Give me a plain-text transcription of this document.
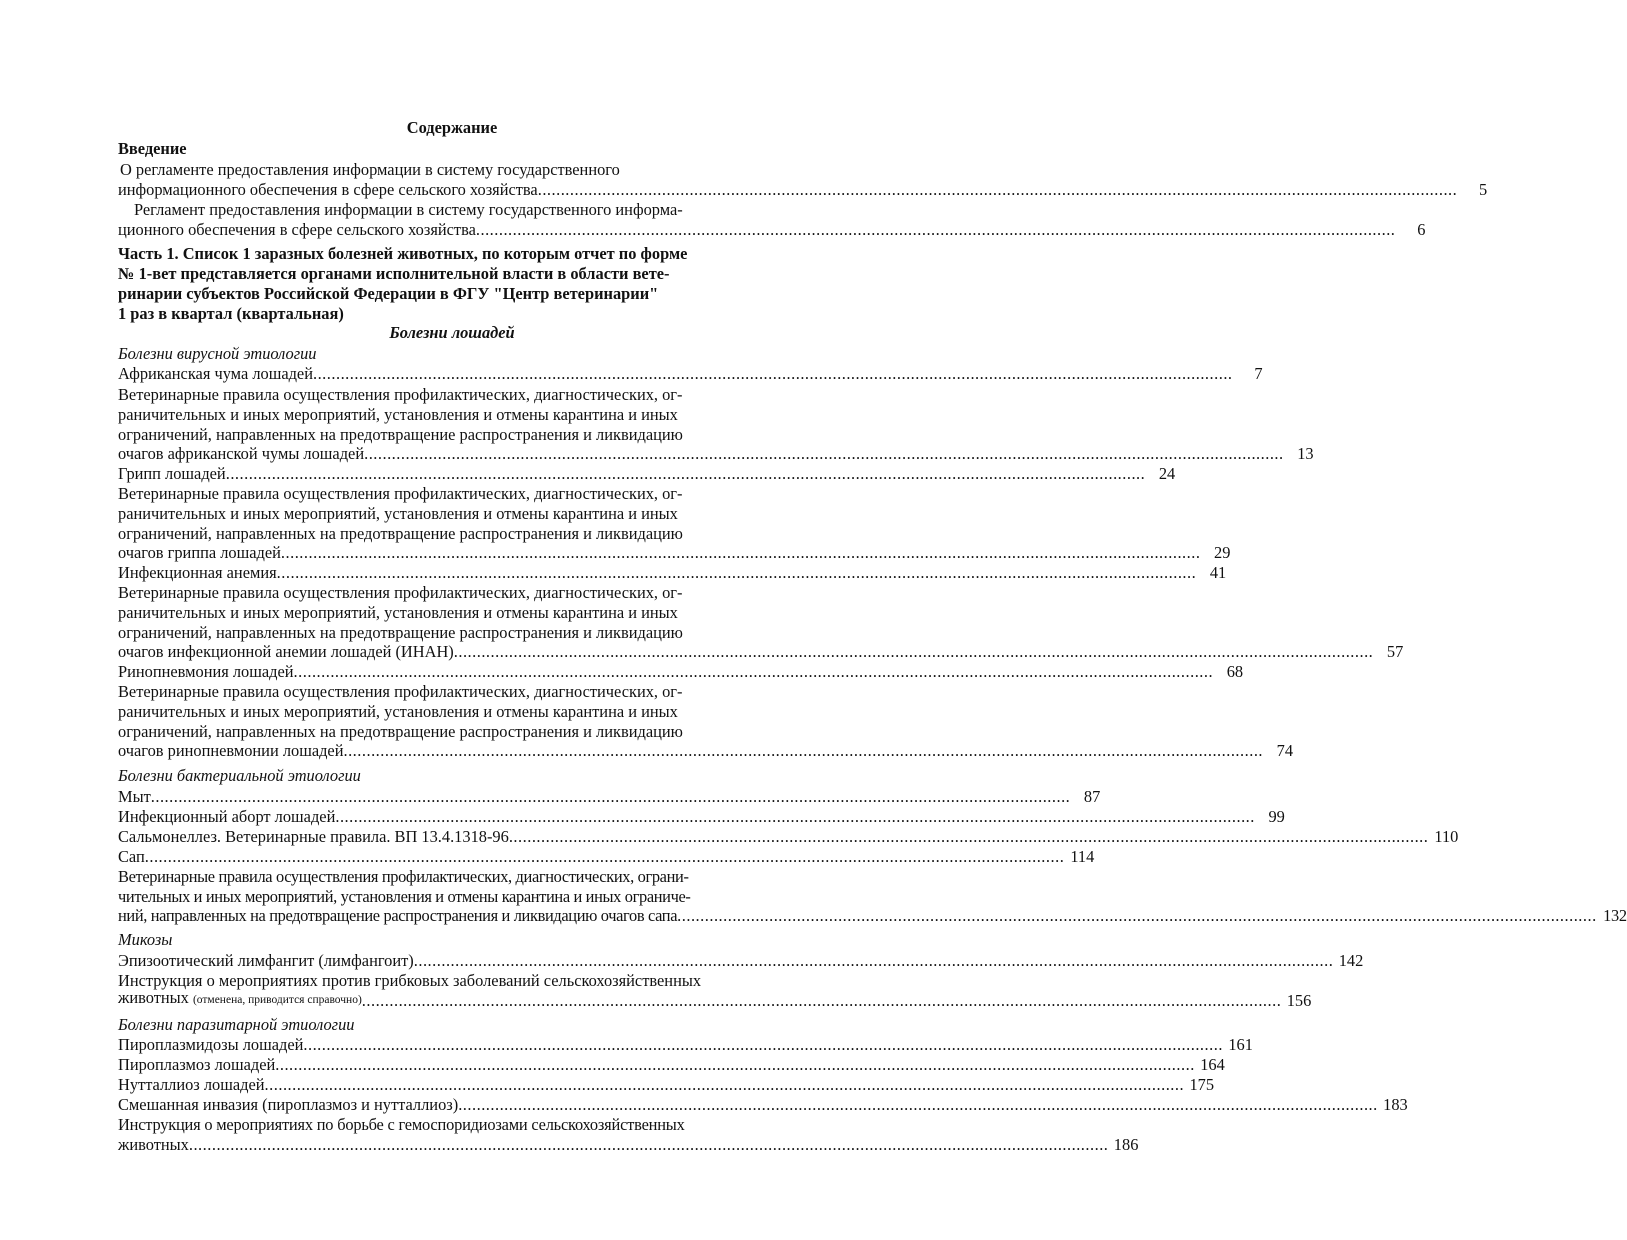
Содержание
Введение
О регламенте предоставления информации в систему государственного
информационного обеспечения в сфере сельского хозяйства ........................................................................................................................................................................................................	5
Регламент предоставления информации в систему государственного информа-
ционного обеспечения в сфере сельского хозяйства ........................................................................................................................................................................................................	6
Часть 1. Список 1 заразных болезней животных, по которым отчет по форме
№ 1-вет представляется органами исполнительной власти в области вете-
ринарии субъектов Российской Федерации в ФГУ "Центр ветеринарии"
1 раз в квартал (квартальная)
Болезни лошадей
Болезни вирусной этиологии
Африканская чума лошадей ........................................................................................................................................................................................................	7
Ветеринарные правила осуществления профилактических, диагностических, ог-
раничительных и иных мероприятий, установления и отмены карантина и иных
ограничений, направленных на предотвращение распространения и ликвидацию
очагов африканской чумы лошадей ........................................................................................................................................................................................................ 13
Грипп лошадей ........................................................................................................................................................................................................ 24
Ветеринарные правила осуществления профилактических, диагностических, ог-
раничительных и иных мероприятий, установления и отмены карантина и иных
ограничений, направленных на предотвращение распространения и ликвидацию
очагов гриппа лошадей ........................................................................................................................................................................................................ 29
Инфекционная анемия ........................................................................................................................................................................................................ 41
Ветеринарные правила осуществления профилактических, диагностических, ог-
раничительных и иных мероприятий, установления и отмены карантина и иных
ограничений, направленных на предотвращение распространения и ликвидацию
очагов инфекционной анемии лошадей (ИНАН) ........................................................................................................................................................................................................ 57
Ринопневмония лошадей ........................................................................................................................................................................................................ 68
Ветеринарные правила осуществления профилактических, диагностических, ог-
раничительных и иных мероприятий, установления и отмены карантина и иных
ограничений, направленных на предотвращение распространения и ликвидацию
очагов ринопневмонии лошадей ........................................................................................................................................................................................................ 74
Болезни бактериальной этиологии
Мыт ........................................................................................................................................................................................................ 87
Инфекционный аборт лошадей ........................................................................................................................................................................................................ 99
Сальмонеллез. Ветеринарные правила. ВП 13.4.1318-96 ........................................................................................................................................................................................................ 110
Сап ........................................................................................................................................................................................................ 114
Ветеринарные правила осуществления профилактических, диагностических, ограни-
чительных и иных мероприятий, установления и отмены карантина и иных ограниче-
ний, направленных на предотвращение распространения и ликвидацию очагов сапа ........................................................................................................................................................................................................ 132
Микозы
Эпизоотический лимфангит (лимфангоит) ........................................................................................................................................................................................................ 142
Инструкция о мероприятиях против грибковых заболеваний сельскохозяйственных
животных (отменена, приводится справочно) ........................................................................................................................................................................................................ 156
Болезни паразитарной этиологии
Пироплазмидозы лошадей ........................................................................................................................................................................................................ 161
Пироплазмоз лошадей ........................................................................................................................................................................................................ 164
Нутталлиоз лошадей ........................................................................................................................................................................................................ 175
Смешанная инвазия (пироплазмоз и нутталлиоз) ........................................................................................................................................................................................................ 183
Инструкция о мероприятиях по борьбе с гемоспоридиозами сельскохозяйственных
животных ........................................................................................................................................................................................................ 186
